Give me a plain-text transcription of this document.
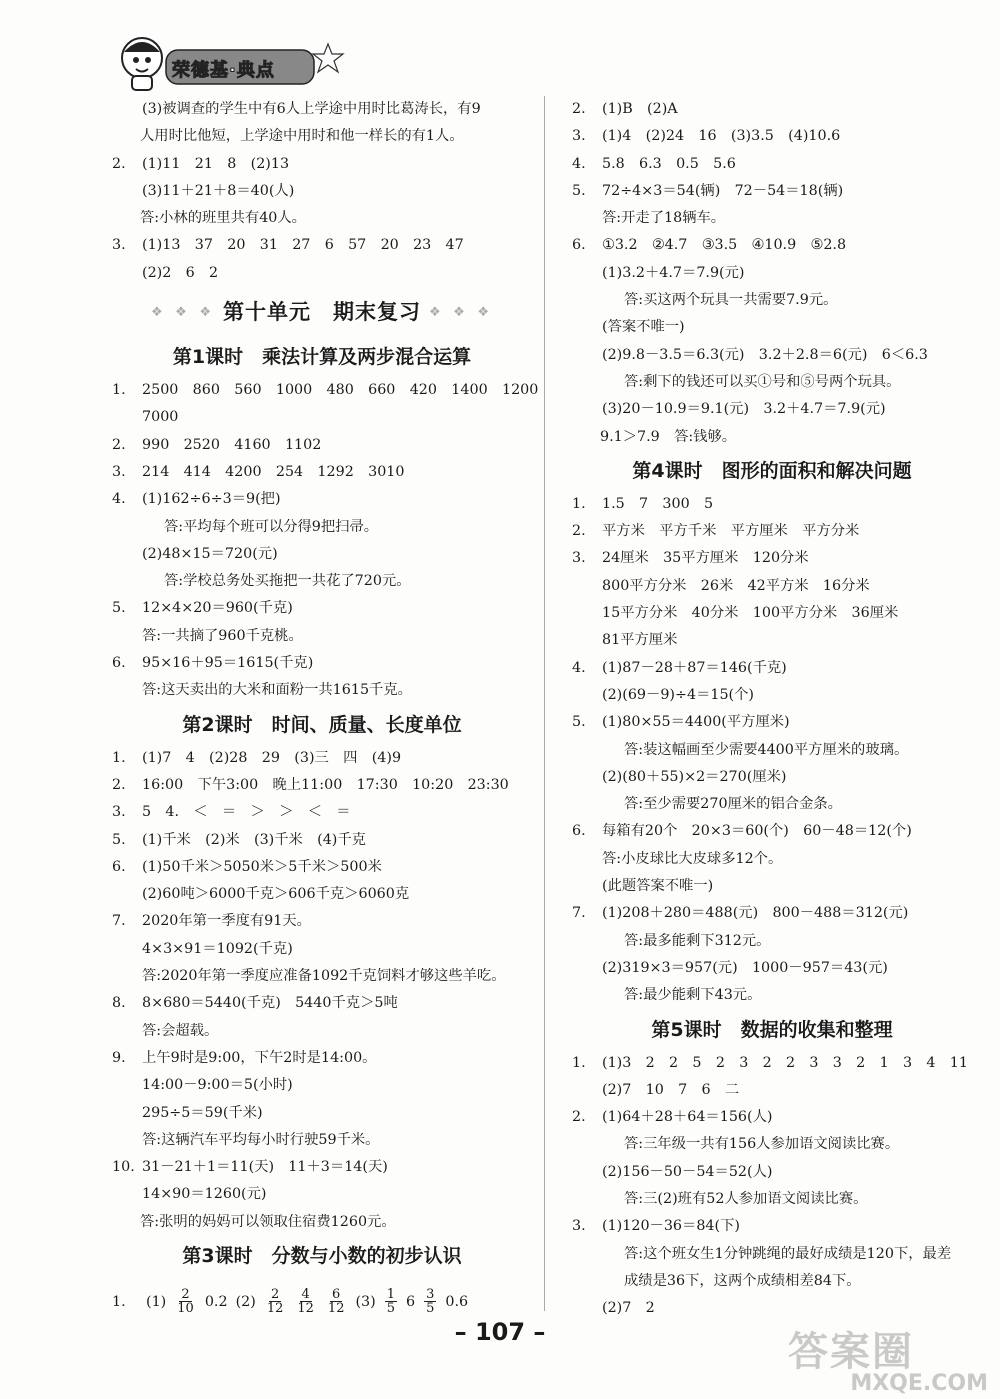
荣德基·典点
(3)被调查的学生中有6人上学途中用时比葛涛长，有9
人用时比他短，上学途中用时和他一样长的有1人。
2. (1)11　21　8　(2)13
(3)11＋21＋8＝40(人)
答:小林的班里共有40人。
3. (1)13　37　20　31　27　6　57　20　23　47
(2)2　6　2
❖ ❖ ❖ 第十单元　期末复习 ❖ ❖ ❖
第1课时　乘法计算及两步混合运算
1. 2500　860　560　1000　480　660　420　1400　1200
7000
2. 990　2520　4160　1102
3. 214　414　4200　254　1292　3010
4. (1)162÷6÷3＝9(把)
答:平均每个班可以分得9把扫帚。
(2)48×15＝720(元)
答:学校总务处买拖把一共花了720元。
5. 12×4×20＝960(千克)
答:一共摘了960千克桃。
6. 95×16＋95＝1615(千克)
答:这天卖出的大米和面粉一共1615千克。
第2课时　时间、质量、长度单位
1. (1)7　4　(2)28　29　(3)三　四　(4)9
2. 16:00　下午3:00　晚上11:00　17:30　10:20　23:30
3. 5　4.　＜　＝　＞　＞　＜　＝
5. (1)千米　(2)米　(3)千米　(4)千克
6. (1)50千米＞5050米＞5千米＞500米
(2)60吨＞6000千克＞606千克＞6060克
7. 2020年第一季度有91天。
4×3×91＝1092(千克)
答:2020年第一季度应准备1092千克饲料才够这些羊吃。
8. 8×680＝5440(千克)　5440千克＞5吨
答:会超载。
9. 上午9时是9:00，下午2时是14:00。
14:00－9:00＝5(小时)
295÷5＝59(千米)
答:这辆汽车平均每小时行驶59千米。
10. 31－21＋1＝11(天)　11＋3＝14(天)
14×90＝1260(元)
答:张明的妈妈可以领取住宿费1260元。
第3课时　分数与小数的初步认识
1. $(1) \frac{2}{10} 0.2$ $(2) \frac{2}{12} \frac{4}{12} \frac{6}{12} (3) \frac{1}{5} 6 \frac{3}{5} 0.6$
2. (1)B　(2)A
3. (1)4　(2)24　16　(3)3.5　(4)10.6
4. 5.8　6.3　0.5　5.6
5. 72÷4×3＝54(辆)　72－54＝18(辆)
答:开走了18辆车。
6. ①3.2　②4.7　③3.5　④10.9　⑤2.8
(1)3.2＋4.7＝7.9(元)
答:买这两个玩具一共需要7.9元。
(答案不唯一)
(2)9.8－3.5＝6.3(元)　3.2＋2.8＝6(元)　6＜6.3
答:剩下的钱还可以买①号和⑤号两个玩具。
(3)20－10.9＝9.1(元)　3.2＋4.7＝7.9(元)
9.1＞7.9　答:钱够。
第4课时　图形的面积和解决问题
1. 1.5　7　300　5
2. 平方米　平方千米　平方厘米　平方分米
3. 24厘米　35平方厘米　120分米
800平方分米　26米　42平方米　16分米
15平方分米　40分米　100平方分米　36厘米
81平方厘米
4. (1)87－28＋87＝146(千克)
(2)(69－9)÷4＝15(个)
5. (1)80×55＝4400(平方厘米)
答:装这幅画至少需要4400平方厘米的玻璃。
(2)(80＋55)×2＝270(厘米)
答:至少需要270厘米的铝合金条。
6. 每箱有20个　20×3＝60(个)　60－48＝12(个)
答:小皮球比大皮球多12个。
(此题答案不唯一)
7. (1)208＋280＝488(元)　800－488＝312(元)
答:最多能剩下312元。
(2)319×3＝957(元)　1000－957＝43(元)
答:最少能剩下43元。
第5课时　数据的收集和整理
1. (1)3　2　2　5　2　3　2　2　3　3　2　1　3　4　11
(2)7　10　7　6　二
2. (1)64＋28＋64＝156(人)
答:三年级一共有156人参加语文阅读比赛。
(2)156－50－54＝52(人)
答:三(2)班有52人参加语文阅读比赛。
3. (1)120－36＝84(下)
答:这个班女生1分钟跳绳的最好成绩是120下，最差
成绩是36下，这两个成绩相差84下。
(2)7　2
– 107 –	答案圈
MXQE.COM
